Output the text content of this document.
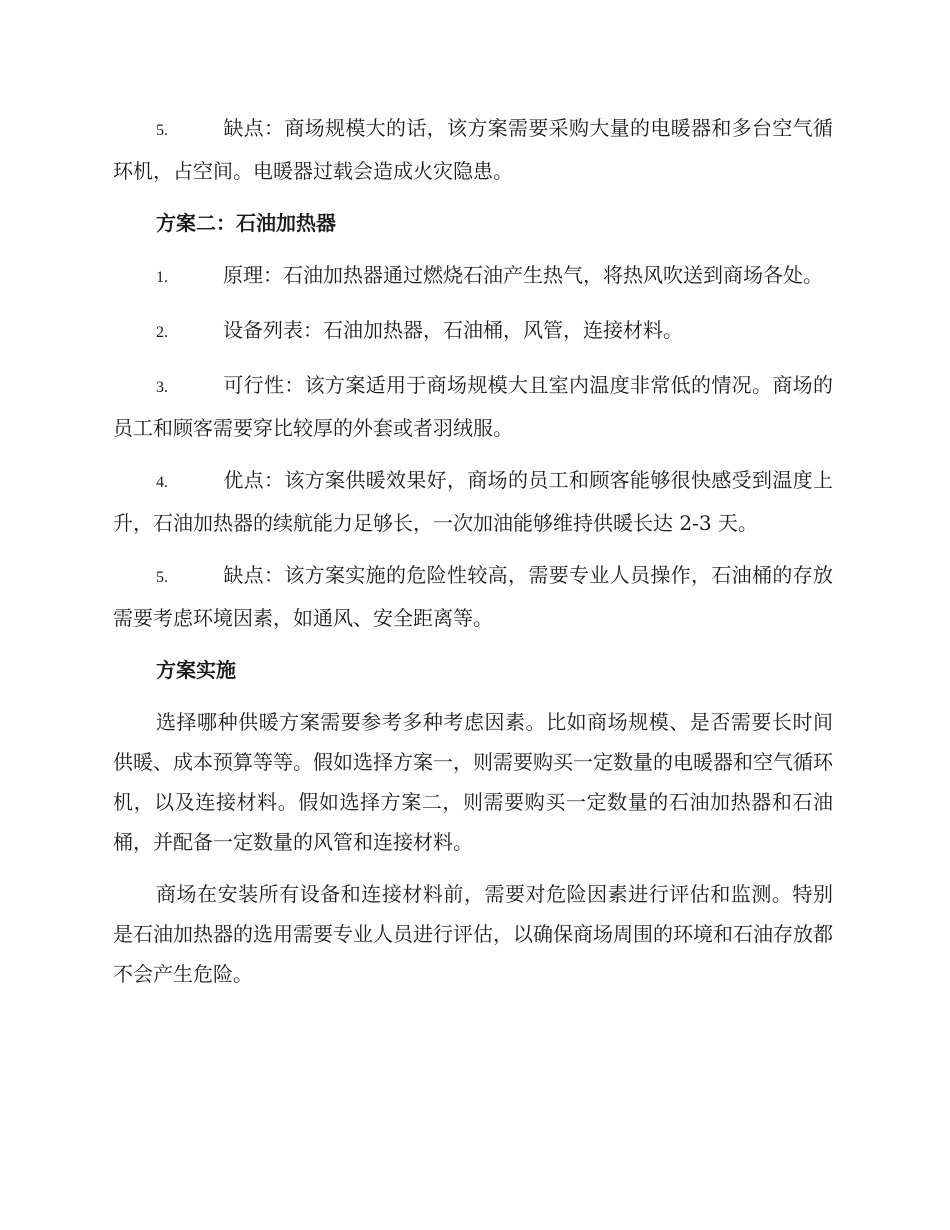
5.	缺点：商场规模大的话，该方案需要采购大量的电暖器和多台空气循环机，占空间。电暖器过载会造成火灾隐患。

方案二：石油加热器

1.	原理：石油加热器通过燃烧石油产生热气，将热风吹送到商场各处。

2.	设备列表：石油加热器，石油桶，风管，连接材料。

3.	可行性：该方案适用于商场规模大且室内温度非常低的情况。商场的员工和顾客需要穿比较厚的外套或者羽绒服。

4.	优点：该方案供暖效果好，商场的员工和顾客能够很快感受到温度上升，石油加热器的续航能力足够长，一次加油能够维持供暖长达 2-3 天。

5.	缺点：该方案实施的危险性较高，需要专业人员操作，石油桶的存放需要考虑环境因素，如通风、安全距离等。

方案实施

选择哪种供暖方案需要参考多种考虑因素。比如商场规模、是否需要长时间供暖、成本预算等等。假如选择方案一，则需要购买一定数量的电暖器和空气循环机，以及连接材料。假如选择方案二，则需要购买一定数量的石油加热器和石油桶，并配备一定数量的风管和连接材料。

商场在安装所有设备和连接材料前，需要对危险因素进行评估和监测。特别是石油加热器的选用需要专业人员进行评估，以确保商场周围的环境和石油存放都不会产生危险。
